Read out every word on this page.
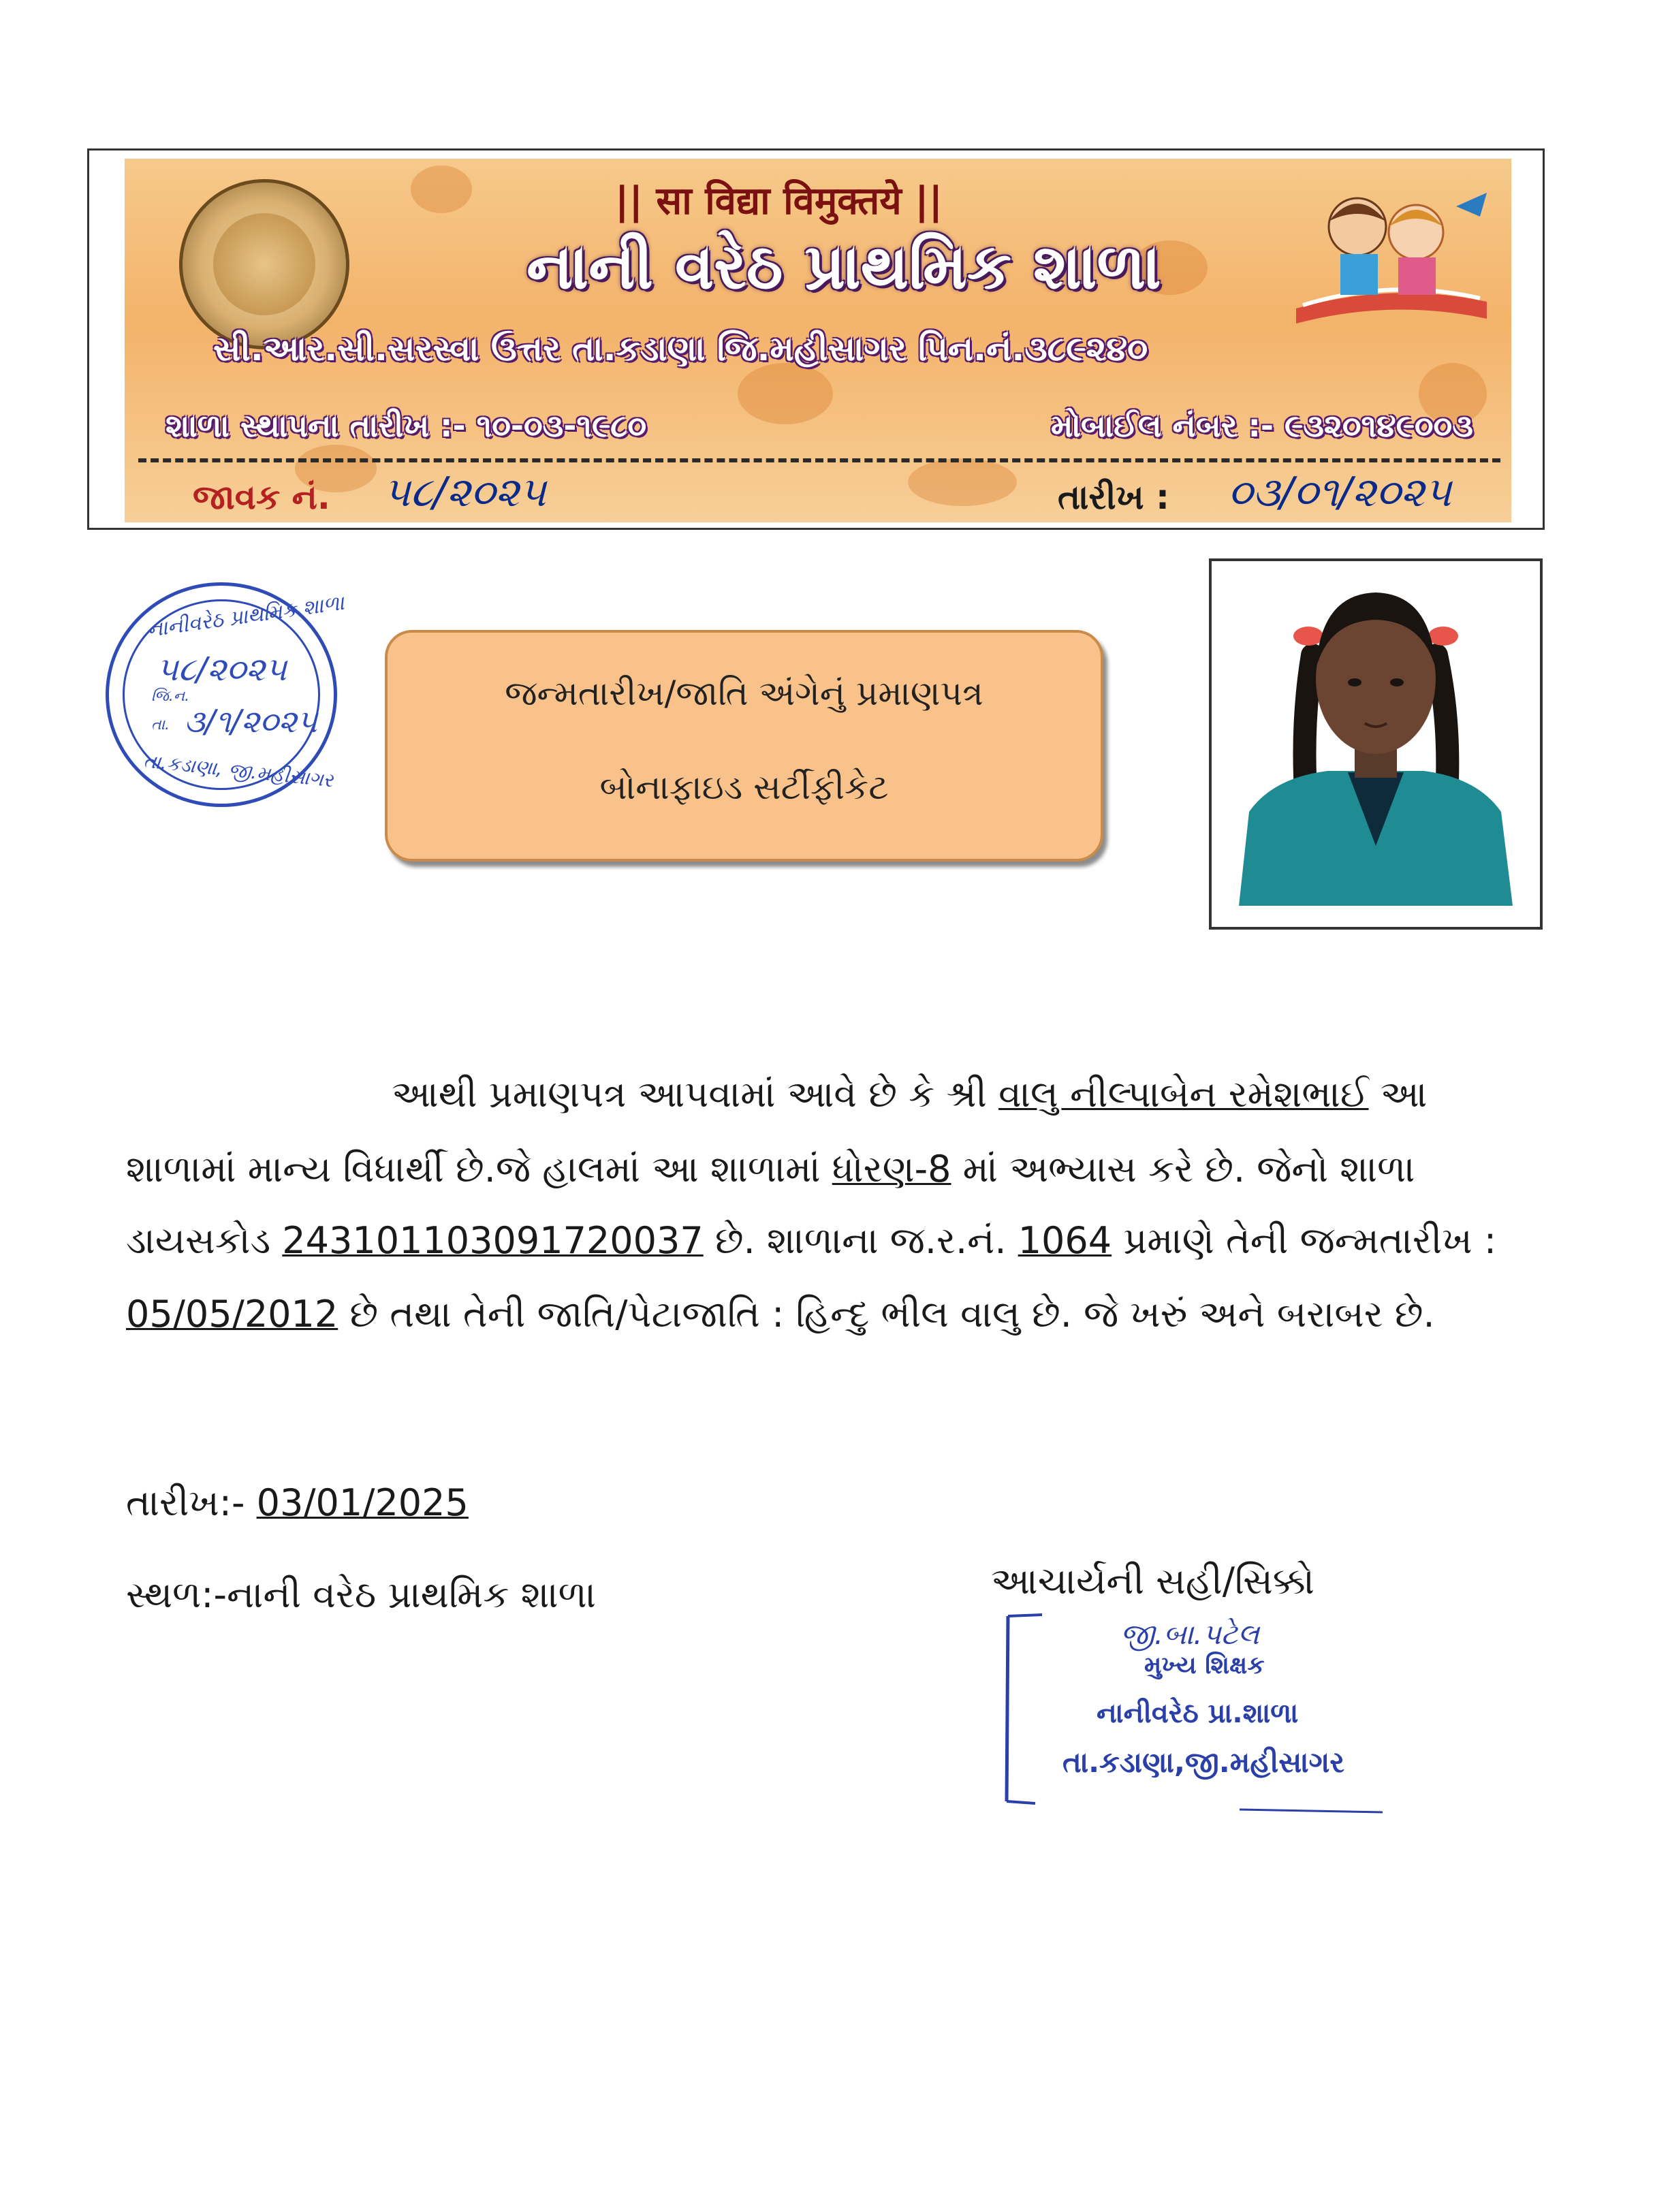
|| सा विद्या विमुक्तये ||
નાની વરેઠ પ્રાથમિક શાળા
સી.આર.સી.સરસ્વા ઉત્તર તા.કડાણા જિ.મહીસાગર પિન.નં.૩૮૯૨૪૦
શાળા સ્થાપના તારીખ :- ૧૦-૦૩-૧૯૮૦	મોબાઈલ નંબર :- ૯૩૨૦૧૪૯૦૦૩
જાવક નં. ૫૮/૨૦૨૫	તારીખ : ૦૩/૦૧/૨૦૨૫
નાનીવરેઠ પ્રાથમિક શાળા
૫૮/૨૦૨૫
જિ.ન.
તા. ૩/૧/૨૦૨૫
તા.કડાણા, જી.મહીસાગર
જન્મતારીખ/જાતિ અંગેનું પ્રમાણપત્ર
બોનાફાઇડ સર્ટીફીકેટ
આથી પ્રમાણપત્ર આપવામાં આવે છે કે શ્રી વાલુ નીલ્પાબેન રમેશભાઈ આ
શાળામાં માન્ય વિધાર્થી છે.જે હાલમાં આ શાળામાં ધોરણ-8 માં અભ્યાસ કરે છે. જેનો શાળા
ડાયસકોડ 243101103091720037 છે. શાળાના જ.ર.નં. 1064 પ્રમાણે તેની જન્મતારીખ :
05/05/2012 છે તથા તેની જાતિ/પેટાજાતિ : હિન્દુ ભીલ વાલુ છે. જે ખરું અને બરાબર છે.
તારીખ:- 03/01/2025
સ્થળ:-નાની વરેઠ પ્રાથમિક શાળા	આચાર્યની સહી/સિક્કો
જી.બા.પટેલ
મુખ્ય શિક્ષક
નાનીવરેઠ પ્રા.શાળા
તા.કડાણા,જી.મહીસાગર
